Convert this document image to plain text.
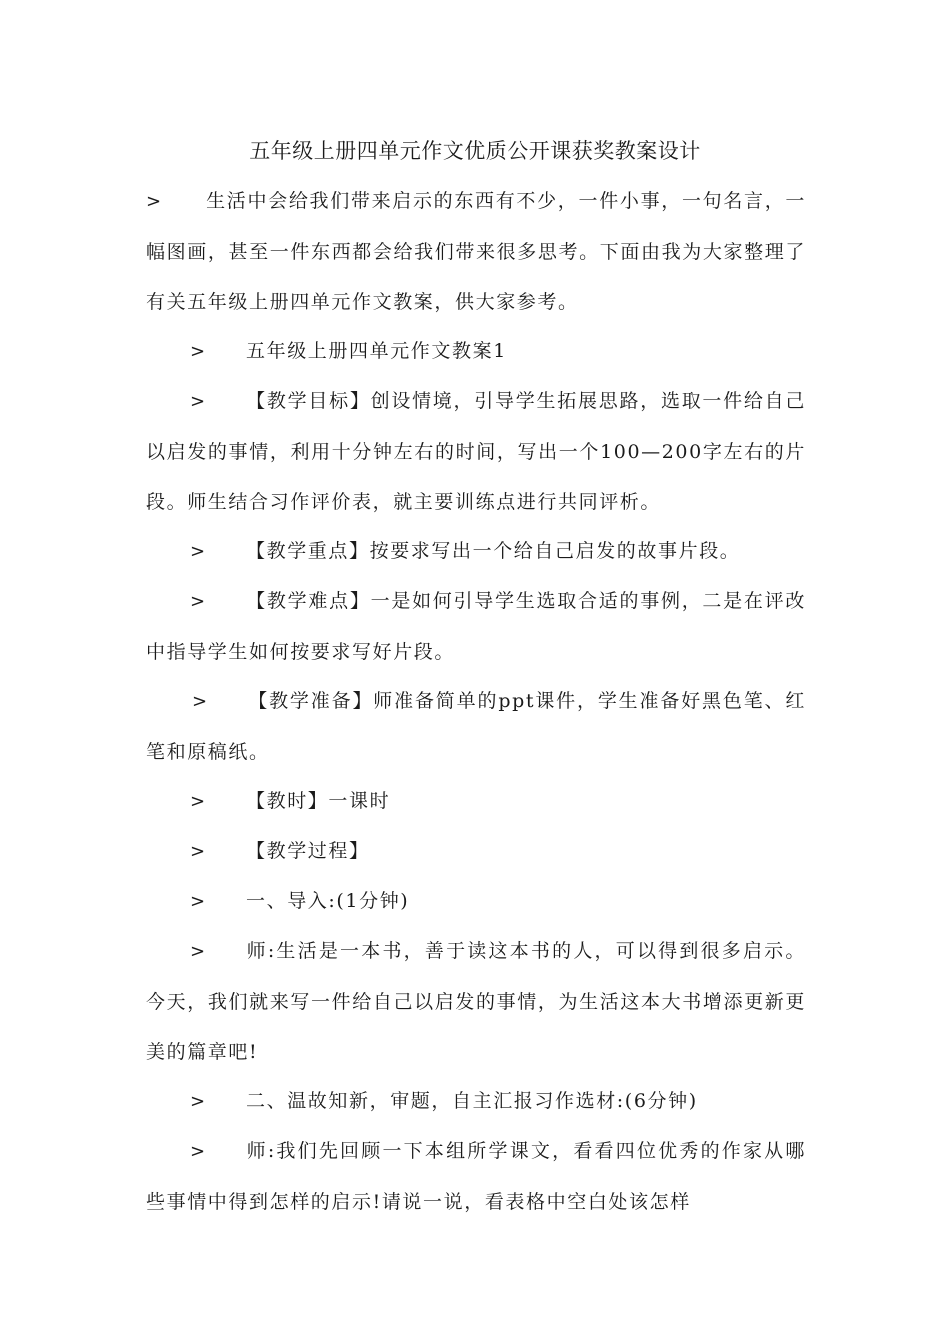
五年级上册四单元作文优质公开课获奖教案设计

> 生活中会给我们带来启示的东西有不少，一件小事，一句名言，一幅图画，甚至一件东西都会给我们带来很多思考。下面由我为大家整理了有关五年级上册四单元作文教案，供大家参考。

> 五年级上册四单元作文教案1

> 【教学目标】创设情境，引导学生拓展思路，选取一件给自己以启发的事情，利用十分钟左右的时间，写出一个100—200字左右的片段。师生结合习作评价表，就主要训练点进行共同评析。

> 【教学重点】按要求写出一个给自己启发的故事片段。

> 【教学难点】一是如何引导学生选取合适的事例，二是在评改中指导学生如何按要求写好片段。

> 【教学准备】师准备简单的ppt课件，学生准备好黑色笔、红笔和原稿纸。

> 【教时】一课时

> 【教学过程】

> 一、导入:(1分钟)

> 师:生活是一本书，善于读这本书的人，可以得到很多启示。今天，我们就来写一件给自己以启发的事情，为生活这本大书增添更新更美的篇章吧!

> 二、温故知新，审题，自主汇报习作选材:(6分钟)

> 师:我们先回顾一下本组所学课文，看看四位优秀的作家从哪些事情中得到怎样的启示!请说一说，看表格中空白处该怎样
